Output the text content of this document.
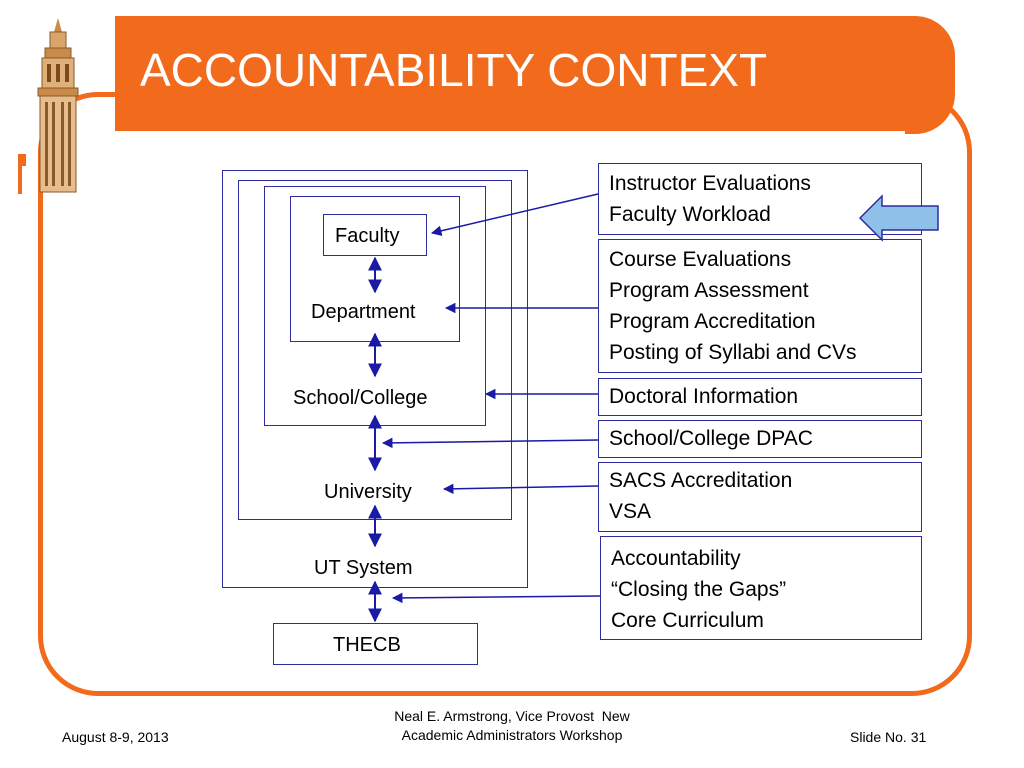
ACCOUNTABILITY CONTEXT
Faculty
Department
School/College
University
UT System
THECB
Instructor Evaluations
Faculty Workload
Course Evaluations
Program Assessment
Program Accreditation
Posting of Syllabi and CVs
Doctoral Information
School/College DPAC
SACS Accreditation
VSA
Accountability
“Closing the Gaps”
Core Curriculum
August 8-9, 2013
Neal E. Armstrong, Vice Provost  New
Academic Administrators Workshop	Slide No. 31
